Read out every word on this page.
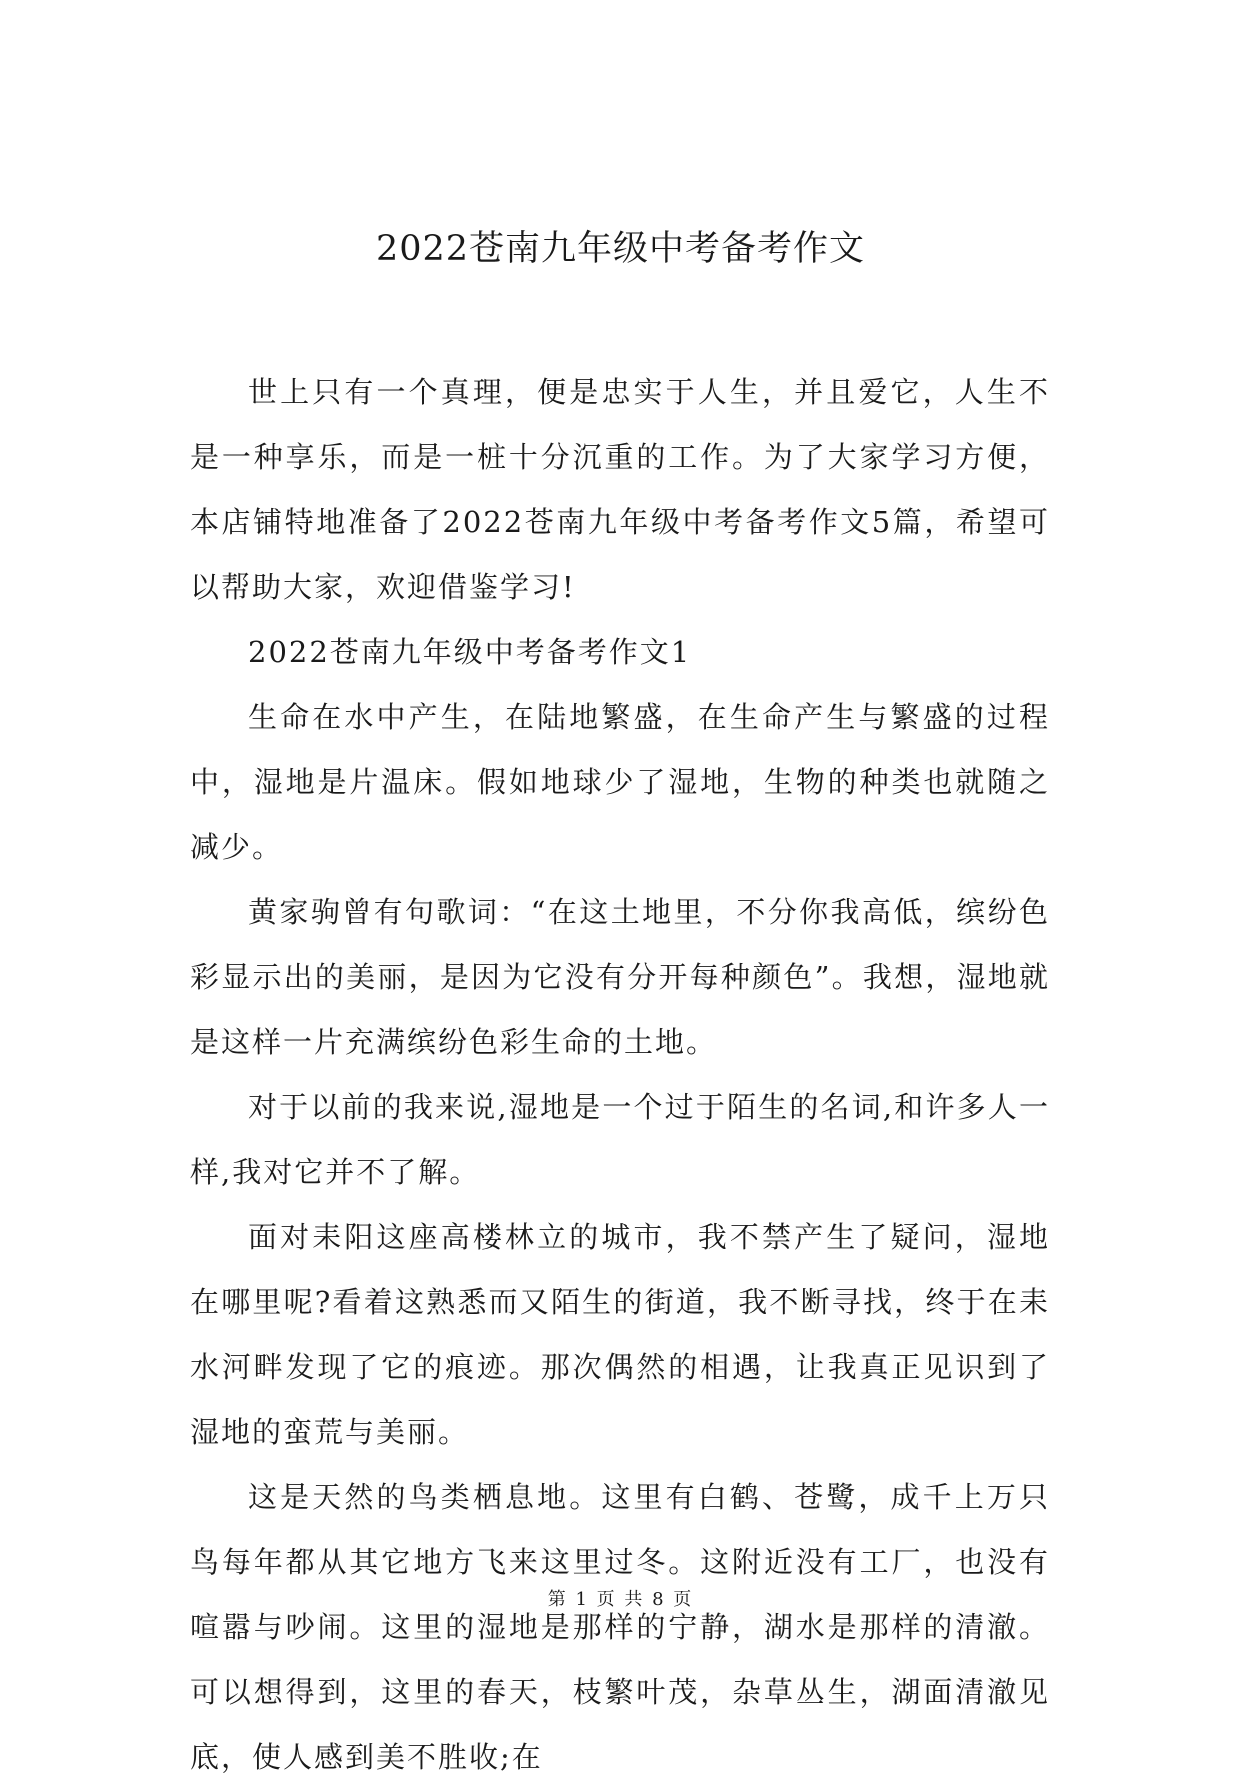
2022苍南九年级中考备考作文

世上只有一个真理，便是忠实于人生，并且爱它，人生不是一种享乐，而是一桩十分沉重的工作。为了大家学习方便，本店铺特地准备了2022苍南九年级中考备考作文5篇，希望可以帮助大家，欢迎借鉴学习!

2022苍南九年级中考备考作文1

生命在水中产生，在陆地繁盛，在生命产生与繁盛的过程中，湿地是片温床。假如地球少了湿地，生物的种类也就随之减少。

黄家驹曾有句歌词：“在这土地里，不分你我高低，缤纷色彩显示出的美丽，是因为它没有分开每种颜色”。我想，湿地就是这样一片充满缤纷色彩生命的土地。

对于以前的我来说,湿地是一个过于陌生的名词,和许多人一样,我对它并不了解。

面对耒阳这座高楼林立的城市，我不禁产生了疑问，湿地在哪里呢?看着这熟悉而又陌生的街道，我不断寻找，终于在耒水河畔发现了它的痕迹。那次偶然的相遇，让我真正见识到了湿地的蛮荒与美丽。

这是天然的鸟类栖息地。这里有白鹤、苍鹭，成千上万只鸟每年都从其它地方飞来这里过冬。这附近没有工厂，也没有喧嚣与吵闹。这里的湿地是那样的宁静，湖水是那样的清澈。可以想得到，这里的春天，枝繁叶茂，杂草丛生，湖面清澈见底，使人感到美不胜收;在

第 1 页 共 8 页
